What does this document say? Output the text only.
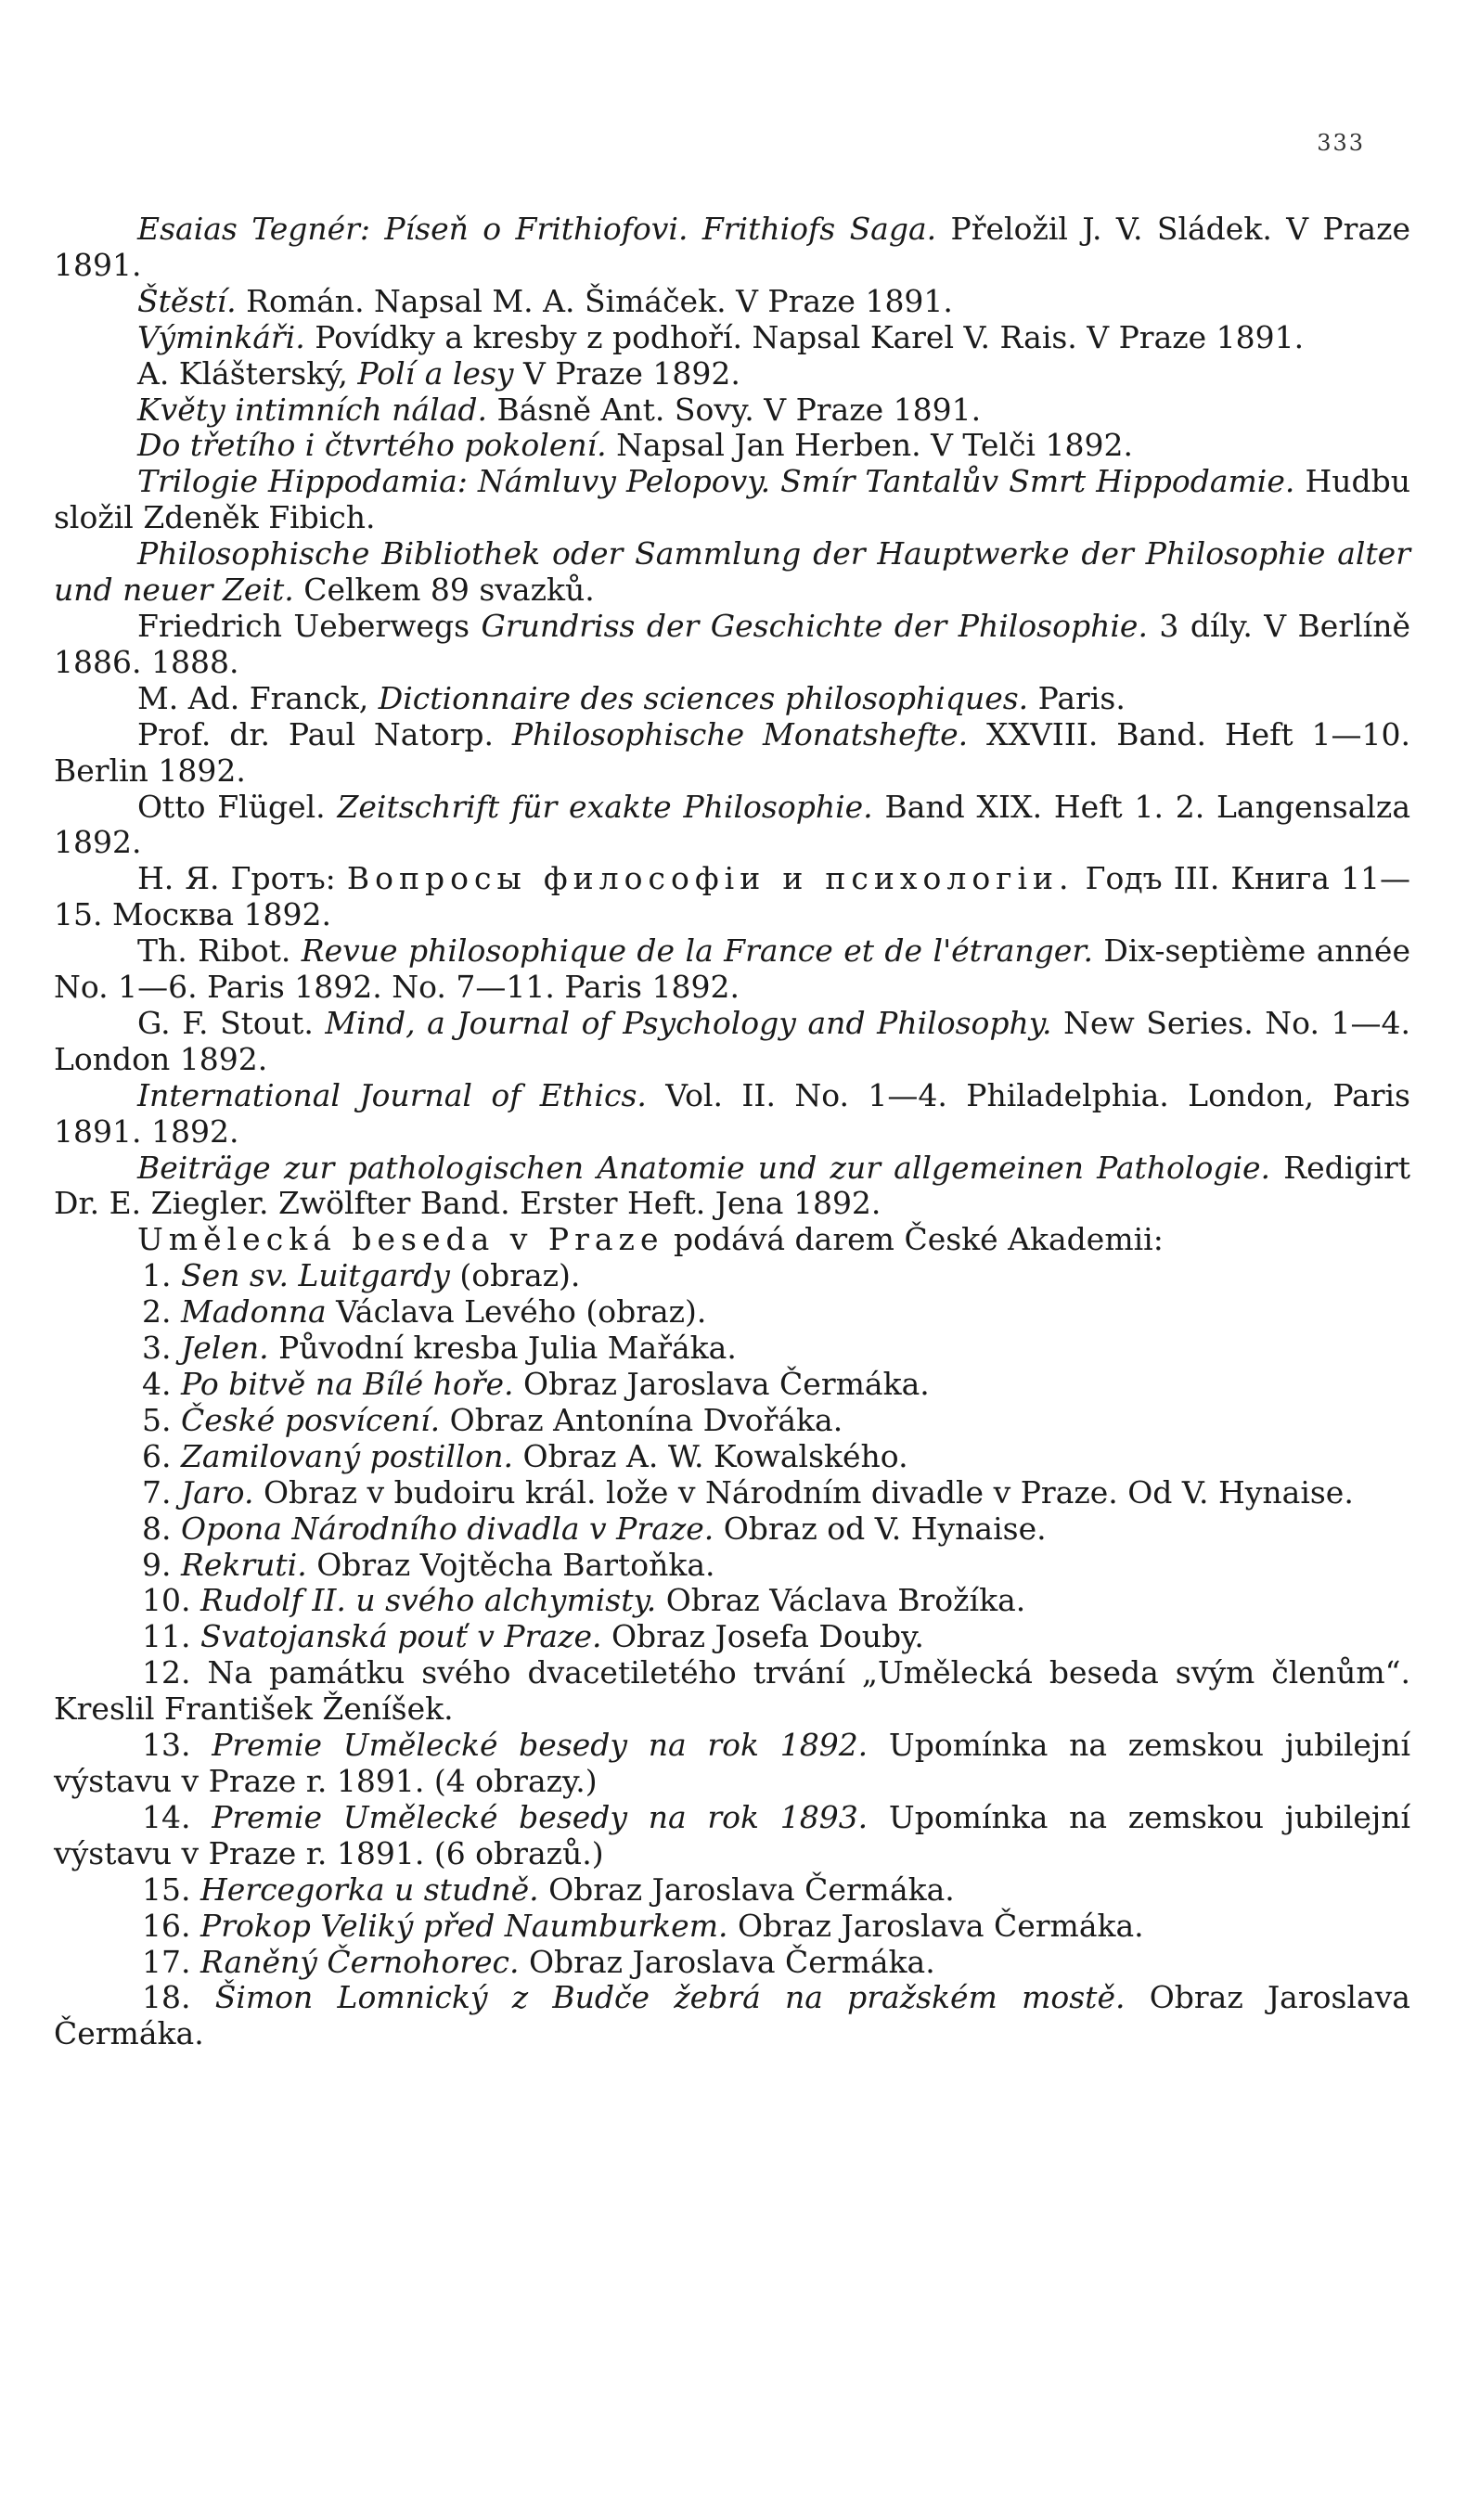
333

Esaias Tegnér: Píseň o Frithiofovi. Frithiofs Saga. Přeložil J. V. Sládek. V Praze 1891.

Štěstí. Román. Napsal M. A. Šimáček. V Praze 1891.

Výminkáři. Povídky a kresby z podhoří. Napsal Karel V. Rais. V Praze 1891.

A. Klášterský, Polí a lesy V Praze 1892.

Květy intimních nálad. Básně Ant. Sovy. V Praze 1891.

Do třetího i čtvrtého pokolení. Napsal Jan Herben. V Telči 1892.

Trilogie Hippodamia: Námluvy Pelopovy. Smír Tantalův Smrt Hippodamie. Hudbu složil Zdeněk Fibich.

Philosophische Bibliothek oder Sammlung der Hauptwerke der Philosophie alter und neuer Zeit. Celkem 89 svazků.

Friedrich Ueberwegs Grundriss der Geschichte der Philosophie. 3 díly. V Berlíně 1886. 1888.

M. Ad. Franck, Dictionnaire des sciences philosophiques. Paris.

Prof. dr. Paul Natorp. Philosophische Monatshefte. XXVIII. Band. Heft 1—10. Berlin 1892.

Otto Flügel. Zeitschrift für exakte Philosophie. Band XIX. Heft 1. 2. Langensalza 1892.

Н. Я. Гротъ: Вопросы философіи и психологіи. Годъ III. Книга 11—15. Москва 1892.

Th. Ribot. Revue philosophique de la France et de l'étranger. Dix-septième année No. 1—6. Paris 1892. No. 7—11. Paris 1892.

G. F. Stout. Mind, a Journal of Psychology and Philosophy. New Series. No. 1—4. London 1892.

International Journal of Ethics. Vol. II. No. 1—4. Philadelphia. London, Paris 1891. 1892.

Beiträge zur pathologischen Anatomie und zur allgemeinen Pathologie. Redigirt Dr. E. Ziegler. Zwölfter Band. Erster Heft. Jena 1892.

Umělecká beseda v Praze podává darem České Akademii:

1. Sen sv. Luitgardy (obraz).

2. Madonna Václava Levého (obraz).

3. Jelen. Původní kresba Julia Mařáka.

4. Po bitvě na Bílé hoře. Obraz Jaroslava Čermáka.

5. České posvícení. Obraz Antonína Dvořáka.

6. Zamilovaný postillon. Obraz A. W. Kowalského.

7. Jaro. Obraz v budoiru král. lože v Národním divadle v Praze. Od V. Hynaise.

8. Opona Národního divadla v Praze. Obraz od V. Hynaise.

9. Rekruti. Obraz Vojtěcha Bartoňka.

10. Rudolf II. u svého alchymisty. Obraz Václava Brožíka.

11. Svatojanská pouť v Praze. Obraz Josefa Douby.

12. Na památku svého dvacetiletého trvání „Umělecká beseda svým členům“. Kreslil František Ženíšek.

13. Premie Umělecké besedy na rok 1892. Upomínka na zemskou jubilejní výstavu v Praze r. 1891. (4 obrazy.)

14. Premie Umělecké besedy na rok 1893. Upomínka na zemskou jubilejní výstavu v Praze r. 1891. (6 obrazů.)

15. Hercegorka u studně. Obraz Jaroslava Čermáka.

16. Prokop Veliký před Naumburkem. Obraz Jaroslava Čermáka.

17. Raněný Černohorec. Obraz Jaroslava Čermáka.

18. Šimon Lomnický z Budče žebrá na pražském mostě. Obraz Jaroslava Čermáka.
